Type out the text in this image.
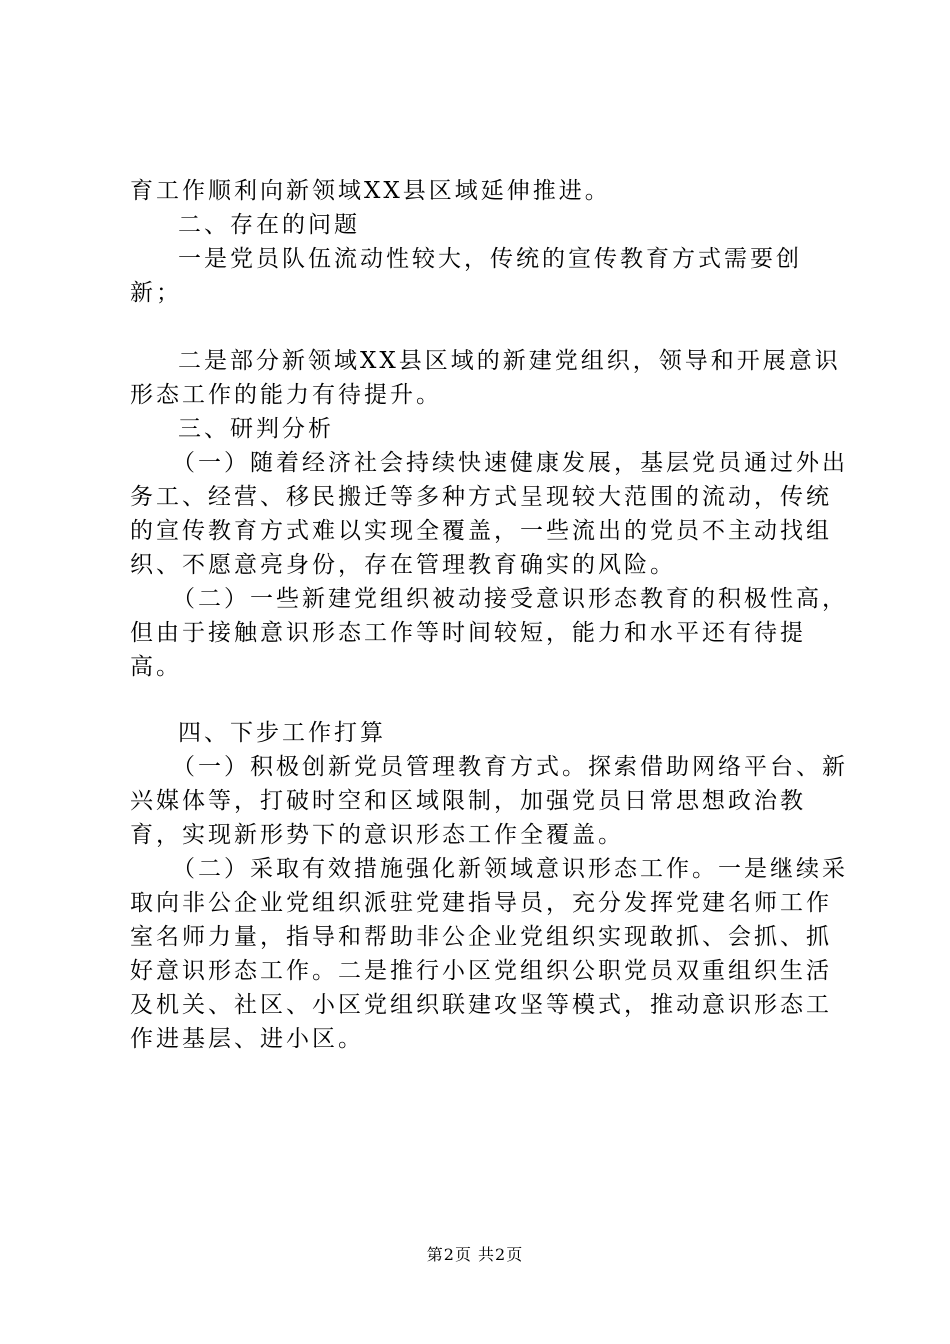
育工作顺利向新领域XX县区域延伸推进。

二、存在的问题

一是党员队伍流动性较大，传统的宣传教育方式需要创新；

二是部分新领域XX县区域的新建党组织，领导和开展意识形态工作的能力有待提升。

三、研判分析

（一）随着经济社会持续快速健康发展，基层党员通过外出务工、经营、移民搬迁等多种方式呈现较大范围的流动，传统的宣传教育方式难以实现全覆盖，一些流出的党员不主动找组织、不愿意亮身份，存在管理教育确实的风险。

（二）一些新建党组织被动接受意识形态教育的积极性高，但由于接触意识形态工作等时间较短，能力和水平还有待提高。

四、下步工作打算

（一）积极创新党员管理教育方式。探索借助网络平台、新兴媒体等，打破时空和区域限制，加强党员日常思想政治教育，实现新形势下的意识形态工作全覆盖。

（二）采取有效措施强化新领域意识形态工作。一是继续采取向非公企业党组织派驻党建指导员，充分发挥党建名师工作室名师力量，指导和帮助非公企业党组织实现敢抓、会抓、抓好意识形态工作。二是推行小区党组织公职党员双重组织生活及机关、社区、小区党组织联建攻坚等模式，推动意识形态工作进基层、进小区。

第2页 共2页
